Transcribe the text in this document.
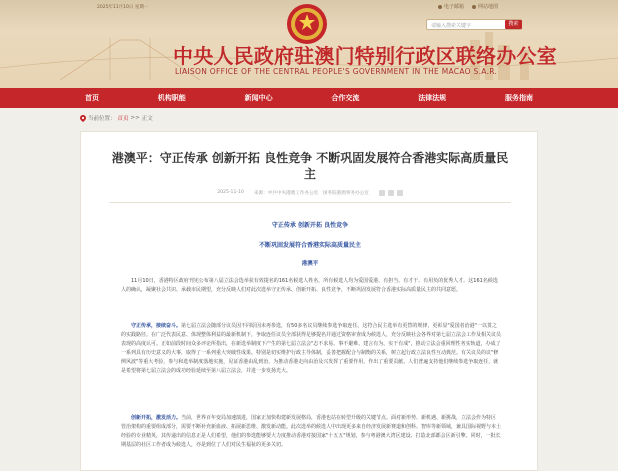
2025年11月10日 星期一	电子邮箱	网站地图
请输入搜索关键字	搜索
中央人民政府驻澳门特别行政区联络办公室
LIAISON OFFICE OF THE CENTRAL PEOPLE'S GOVERNMENT IN THE MACAO S.A.R.
首页	机构职能	新闻中心	合作交流	法律法规	服务指南
当前位置： 首页 >> 正文
港澳平：守正传承 创新开拓 良性竞争 不断巩固发展符合香港实际高质量民主
2025-11-10 来源：中共中央港澳工作办公室　国务院港澳事务办公室
守正传承 创新开拓 良性竞争
不断巩固发展符合香港实际高质量民主
港澳平
11月10日，香港特区政府刊宪公布第八届立法会选举获有效提名的161名候选人姓名，所有候选人均为爱国爱港、有担当、有才干、有用负的优秀人才。这161名候选人的确认，凝聚社会共识、承载市民期望，充分反映人们对此次选举守正传承、创新开拓、良性竞争，不断巩固发展符合香港实际高质量民主的共同意愿。
守正传承，接续奋斗。第七届立法会随部分议员因不同原因未再参选，有50多名议员继续参选争取连任。这符合民主选举有更替的规律，更彰显"爱国者治港"一以贯之的实践路径。在广泛代表民意、体现整体利益的最新机制下，争取连任议员全部获得足够提名并通过资格审查成为候选人，充分反映社会各界对第七届立法会工作及相关议员表现的高度认可。正如前段时间众多评论所指出，在新选举制度下产生的第七届立法会"志不求易、事不避难、建言有为、实干有成"，推动立法会重回理性务实轨道，办成了一系列具有历史意义的大事，取得了一系列重大突破性成果。特别是切实维护行政主导体制，妥善把握配合与制衡的关系，树立起行政立法良性互动典范。有关议员的议"修例风波"等重大考验，参与和选举制度落地实施，见证香港由乱到治、为推动香港走向由治及兴发挥了重要作用，作出了重要贡献。人们普遍支持他们继续参选争取连任，就是希望将第七届立法会的成功经验延续至第八届立法会，并进一步发扬光大。
创新开拓，激发活力。当前，世界百年变局加速演进，国家正加快构建新发展格局，香港也站在转型升级的关键节点。面对新形势、新机遇、新挑战，立法会作为特区管治架构的重要组成部分，需要不断补充新血液、拓展新思维、激发新动能。此次选举的候选人中出现更多来自经济发展新赛道和创科、智库等新领域，兼具国际视野与本土经验的专业精英，其传递出的信息正是人们希望，他们的参选能够要大力度推动香港对接国家"十五五"规划，参与粤港澳大湾区建设、打造北部都会区新引擎。同时，一批长期基层的社区工作者成为候选人，亦是到位了人们对民生福祉的更多关切。
